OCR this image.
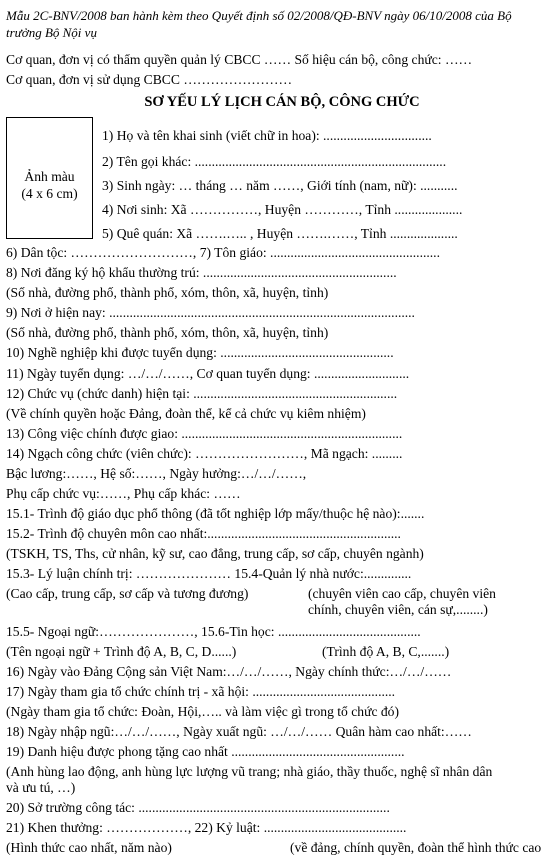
Mẫu 2C-BNV/2008 ban hành kèm theo Quyết định số 02/2008/QĐ-BNV ngày 06/10/2008 của Bộ
trưởng Bộ Nội vụ
Cơ quan, đơn vị có thẩm quyền quản lý CBCC …… Số hiệu cán bộ, công chức: ……
Cơ quan, đơn vị sử dụng CBCC ……………………
SƠ YẾU LÝ LỊCH CÁN BỘ, CÔNG CHỨC
Ảnh màu
(4 x 6 cm)
1) Họ và tên khai sinh (viết chữ in hoa): ................................
2) Tên gọi khác: ..........................................................................
3) Sinh ngày: … tháng … năm ……, Giới tính (nam, nữ): ...........
4) Nơi sinh: Xã ……………, Huyện …………, Tỉnh ....................
5) Quê quán: Xã …….….. , Huyện …….……, Tỉnh ....................
6) Dân tộc: ………………………, 7) Tôn giáo: ..................................................
8) Nơi đăng ký hộ khẩu thường trú: .........................................................
(Số nhà, đường phố, thành phố, xóm, thôn, xã, huyện, tỉnh)
9) Nơi ở hiện nay: ..........................................................................................
(Số nhà, đường phố, thành phố, xóm, thôn, xã, huyện, tỉnh)
10) Nghề nghiệp khi được tuyển dụng: ...................................................
11) Ngày tuyển dụng: …/…/……, Cơ quan tuyển dụng: ............................
12) Chức vụ (chức danh) hiện tại: ............................................................
(Về chính quyền hoặc Đảng, đoàn thể, kể cả chức vụ kiêm nhiệm)
13) Công việc chính được giao: .................................................................
14) Ngạch công chức (viên chức): ……………………, Mã ngạch: .........
Bậc lương:……, Hệ số:……, Ngày hưởng:…/…/……,
Phụ cấp chức vụ:……, Phụ cấp khác: ……
15.1- Trình độ giáo dục phổ thông (đã tốt nghiệp lớp mấy/thuộc hệ nào):.......
15.2- Trình độ chuyên môn cao nhất:.........................................................
(TSKH, TS, Ths, cử nhân, kỹ sư, cao đẳng, trung cấp, sơ cấp, chuyên ngành)
15.3- Lý luận chính trị: ………………… 15.4-Quản lý nhà nước:..............
(Cao cấp, trung cấp, sơ cấp và tương đương)	(chuyên viên cao cấp, chuyên viên
chính, chuyên viên, cán sự,........)
15.5- Ngoại ngữ:…………………, 15.6-Tin học: ..........................................
(Tên ngoại ngữ + Trình độ A, B, C, D......)	(Trình độ A, B, C,.......)
16) Ngày vào Đảng Cộng sản Việt Nam:…/…/……, Ngày chính thức:…/…/……
17) Ngày tham gia tổ chức chính trị - xã hội: ..........................................
(Ngày tham gia tổ chức: Đoàn, Hội,….. và làm việc gì trong tổ chức đó)
18) Ngày nhập ngũ:…/…/……, Ngày xuất ngũ: …/…/…… Quân hàm cao nhất:……
19) Danh hiệu được phong tặng cao nhất ...................................................
(Anh hùng lao động, anh hùng lực lượng vũ trang; nhà giáo, thầy thuốc, nghệ sĩ nhân dân
và ưu tú, …)
20) Sở trường công tác: ..........................................................................
21) Khen thưởng: ………………, 22) Kỷ luật: ..........................................
(Hình thức cao nhất, năm nào)	(về đảng, chính quyền, đoàn thể hình thức cao
